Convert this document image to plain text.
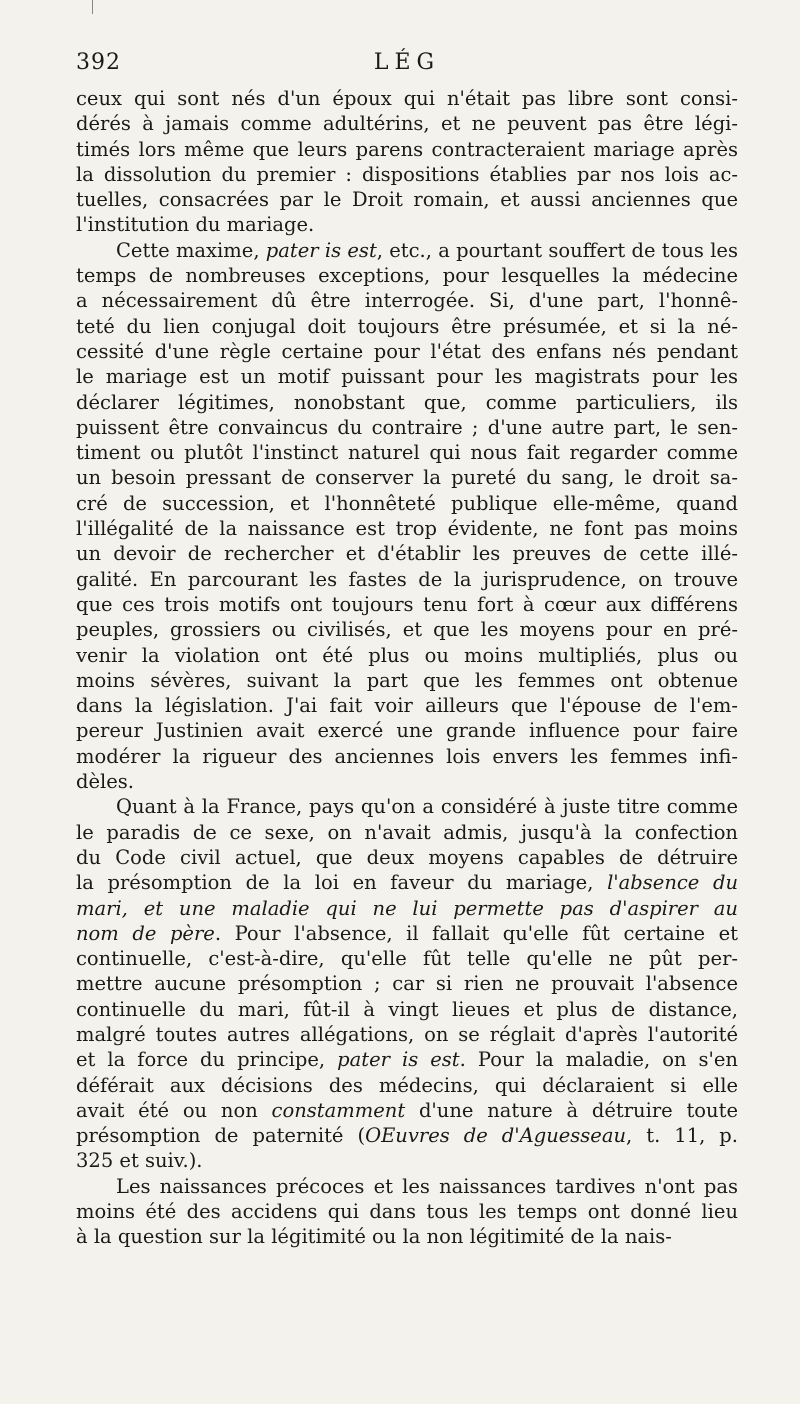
392	LÉG
ceux qui sont nés d'un époux qui n'était pas libre sont consi-
dérés à jamais comme adultérins, et ne peuvent pas être légi-
timés lors même que leurs parens contracteraient mariage après
la dissolution du premier : dispositions établies par nos lois ac-
tuelles, consacrées par le Droit romain, et aussi anciennes que
l'institution du mariage.
Cette maxime, pater is est, etc., a pourtant souffert de tous les
temps de nombreuses exceptions, pour lesquelles la médecine
a nécessairement dû être interrogée. Si, d'une part, l'honnê-
teté du lien conjugal doit toujours être présumée, et si la né-
cessité d'une règle certaine pour l'état des enfans nés pendant
le mariage est un motif puissant pour les magistrats pour les
déclarer légitimes, nonobstant que, comme particuliers, ils
puissent être convaincus du contraire ; d'une autre part, le sen-
timent ou plutôt l'instinct naturel qui nous fait regarder comme
un besoin pressant de conserver la pureté du sang, le droit sa-
cré de succession, et l'honnêteté publique elle-même, quand
l'illégalité de la naissance est trop évidente, ne font pas moins
un devoir de rechercher et d'établir les preuves de cette illé-
galité. En parcourant les fastes de la jurisprudence, on trouve
que ces trois motifs ont toujours tenu fort à cœur aux différens
peuples, grossiers ou civilisés, et que les moyens pour en pré-
venir la violation ont été plus ou moins multipliés, plus ou
moins sévères, suivant la part que les femmes ont obtenue
dans la législation. J'ai fait voir ailleurs que l'épouse de l'em-
pereur Justinien avait exercé une grande influence pour faire
modérer la rigueur des anciennes lois envers les femmes infi-
dèles.
Quant à la France, pays qu'on a considéré à juste titre comme
le paradis de ce sexe, on n'avait admis, jusqu'à la confection
du Code civil actuel, que deux moyens capables de détruire
la présomption de la loi en faveur du mariage, l'absence du
mari, et une maladie qui ne lui permette pas d'aspirer au
nom de père. Pour l'absence, il fallait qu'elle fût certaine et
continuelle, c'est-à-dire, qu'elle fût telle qu'elle ne pût per-
mettre aucune présomption ; car si rien ne prouvait l'absence
continuelle du mari, fût-il à vingt lieues et plus de distance,
malgré toutes autres allégations, on se réglait d'après l'autorité
et la force du principe, pater is est. Pour la maladie, on s'en
déférait aux décisions des médecins, qui déclaraient si elle
avait été ou non constamment d'une nature à détruire toute
présomption de paternité (OEuvres de d'Aguesseau, t. 11, p.
325 et suiv.).
Les naissances précoces et les naissances tardives n'ont pas
moins été des accidens qui dans tous les temps ont donné lieu
à la question sur la légitimité ou la non légitimité de la nais-
